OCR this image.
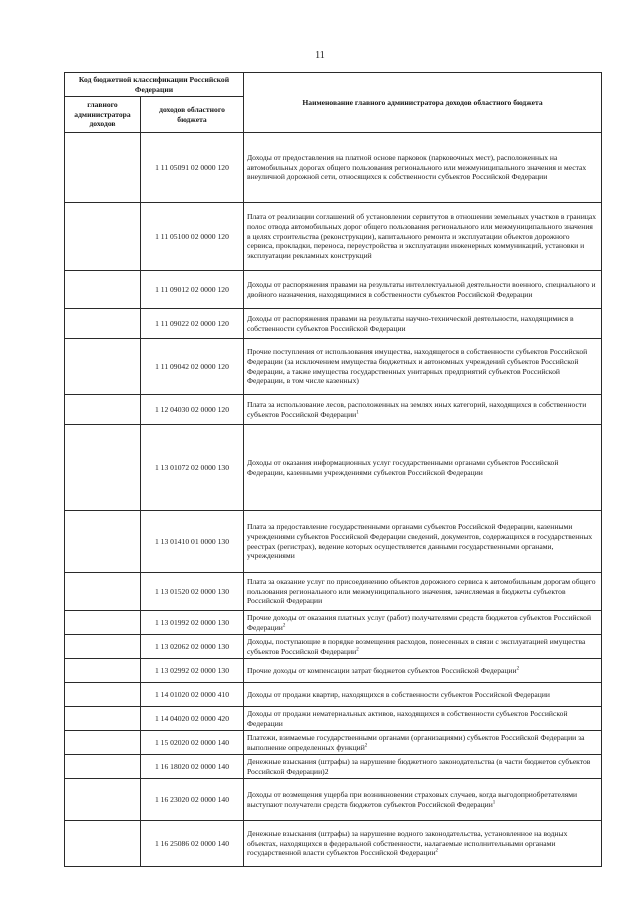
11
Код бюджетной классификации Российской Федерации		Наименование главного администратора доходов областного бюджета
главного администратора доходов	доходов областного бюджета	
	1 11 05091 02 0000 120	Доходы от предоставления на платной основе парковок (парковочных мест), расположенных на автомобильных дорогах общего пользования регионального или межмуниципального значения и местах внеуличной дорожной сети, относящихся к собственности субъектов Российской Федерации
	1 11 05100 02 0000 120	Плата от реализации соглашений об установлении сервитутов в отношении земельных участков в границах полос отвода автомобильных дорог общего пользования регионального или межмуниципального значения в целях строительства (реконструкции), капитального ремонта и эксплуатации объектов дорожного сервиса, прокладки, переноса, переустройства и эксплуатации инженерных коммуникаций, установки и эксплуатации рекламных конструкций
	1 11 09012 02 0000 120	Доходы от распоряжения правами на результаты интеллектуальной деятельности военного, специального и двойного назначения, находящимися в собственности субъектов Российской Федерации
	1 11 09022 02 0000 120	Доходы от распоряжения правами на результаты научно-технической деятельности, находящимися в собственности субъектов Российской Федерации
	1 11 09042 02 0000 120	Прочие поступления от использования имущества, находящегося в собственности субъектов Российской Федерации (за исключением имущества бюджетных и автономных учреждений субъектов Российской Федерации, а также имущества государственных унитарных предприятий субъектов Российской Федерации, в том числе казенных)
	1 12 04030 02 0000 120	Плата за использование лесов, расположенных на землях иных категорий, находящихся в собственности субъектов Российской Федерации$^1$
	1 13 01072 02 0000 130	Доходы от оказания информационных услуг государственными органами субъектов Российской Федерации, казенными учреждениями субъектов Российской Федерации
	1 13 01410 01 0000 130	Плата за предоставление государственными органами субъектов Российской Федерации, казенными учреждениями субъектов Российской Федерации сведений, документов, содержащихся в государственных реестрах (регистрах), ведение которых осуществляется данными государственными органами, учреждениями
	1 13 01520 02 0000 130	Плата за оказание услуг по присоединению объектов дорожного сервиса к автомобильным дорогам общего пользования регионального или межмуниципального значения, зачисляемая в бюджеты субъектов Российской Федерации
	1 13 01992 02 0000 130	Прочие доходы от оказания платных услуг (работ) получателями средств бюджетов субъектов Российской Федерации$^2$
	1 13 02062 02 0000 130	Доходы, поступающие в порядке возмещения расходов, понесенных в связи с эксплуатацией имущества субъектов Российской Федерации$^2$
	1 13 02992 02 0000 130	Прочие доходы от компенсации затрат бюджетов субъектов Российской Федерации$^2$
	1 14 01020 02 0000 410	Доходы от продажи квартир, находящихся в собственности субъектов Российской Федерации
	1 14 04020 02 0000 420	Доходы от продажи нематериальных активов, находящихся в собственности субъектов Российской Федерации
	1 15 02020 02 0000 140	Платежи, взимаемые государственными органами (организациями) субъектов Российской Федерации за выполнение определенных функций$^2$
	1 16 18020 02 0000 140	Денежные взыскания (штрафы) за нарушение бюджетного законодательства (в части бюджетов субъектов Российской Федерации)2
	1 16 23020 02 0000 140	Доходы от возмещения ущерба при возникновении страховых случаев, когда выгодоприобретателями выступают получатели средств бюджетов субъектов Российской Федерации$^1$
	1 16 25086 02 0000 140	Денежные взыскания (штрафы) за нарушение водного законодательства, установленное на водных объектах, находящихся в федеральной собственности, налагаемые исполнительными органами государственной власти субъектов Российской Федерации$^2$
